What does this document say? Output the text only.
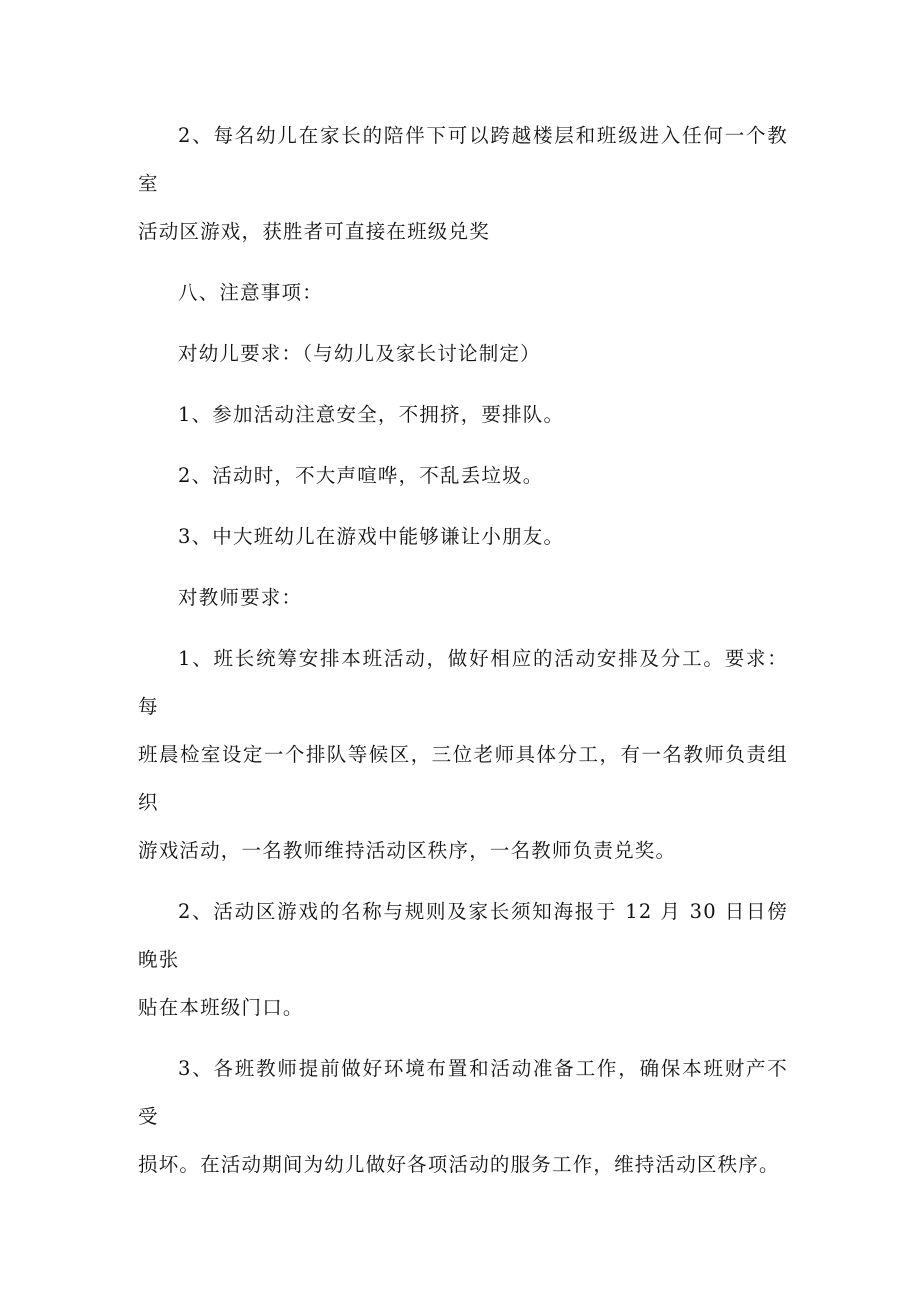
2、每名幼儿在家长的陪伴下可以跨越楼层和班级进入任何一个教室
活动区游戏，获胜者可直接在班级兑奖

八、注意事项：

对幼儿要求：（与幼儿及家长讨论制定）

1、参加活动注意安全，不拥挤，要排队。

2、活动时，不大声喧哗，不乱丢垃圾。

3、中大班幼儿在游戏中能够谦让小朋友。

对教师要求：

1、班长统筹安排本班活动，做好相应的活动安排及分工。要求：每
班晨检室设定一个排队等候区，三位老师具体分工，有一名教师负责组织
游戏活动，一名教师维持活动区秩序，一名教师负责兑奖。

2、活动区游戏的名称与规则及家长须知海报于 12 月 30 日日傍晚张
贴在本班级门口。

3、各班教师提前做好环境布置和活动准备工作，确保本班财产不受
损坏。在活动期间为幼儿做好各项活动的服务工作，维持活动区秩序。
